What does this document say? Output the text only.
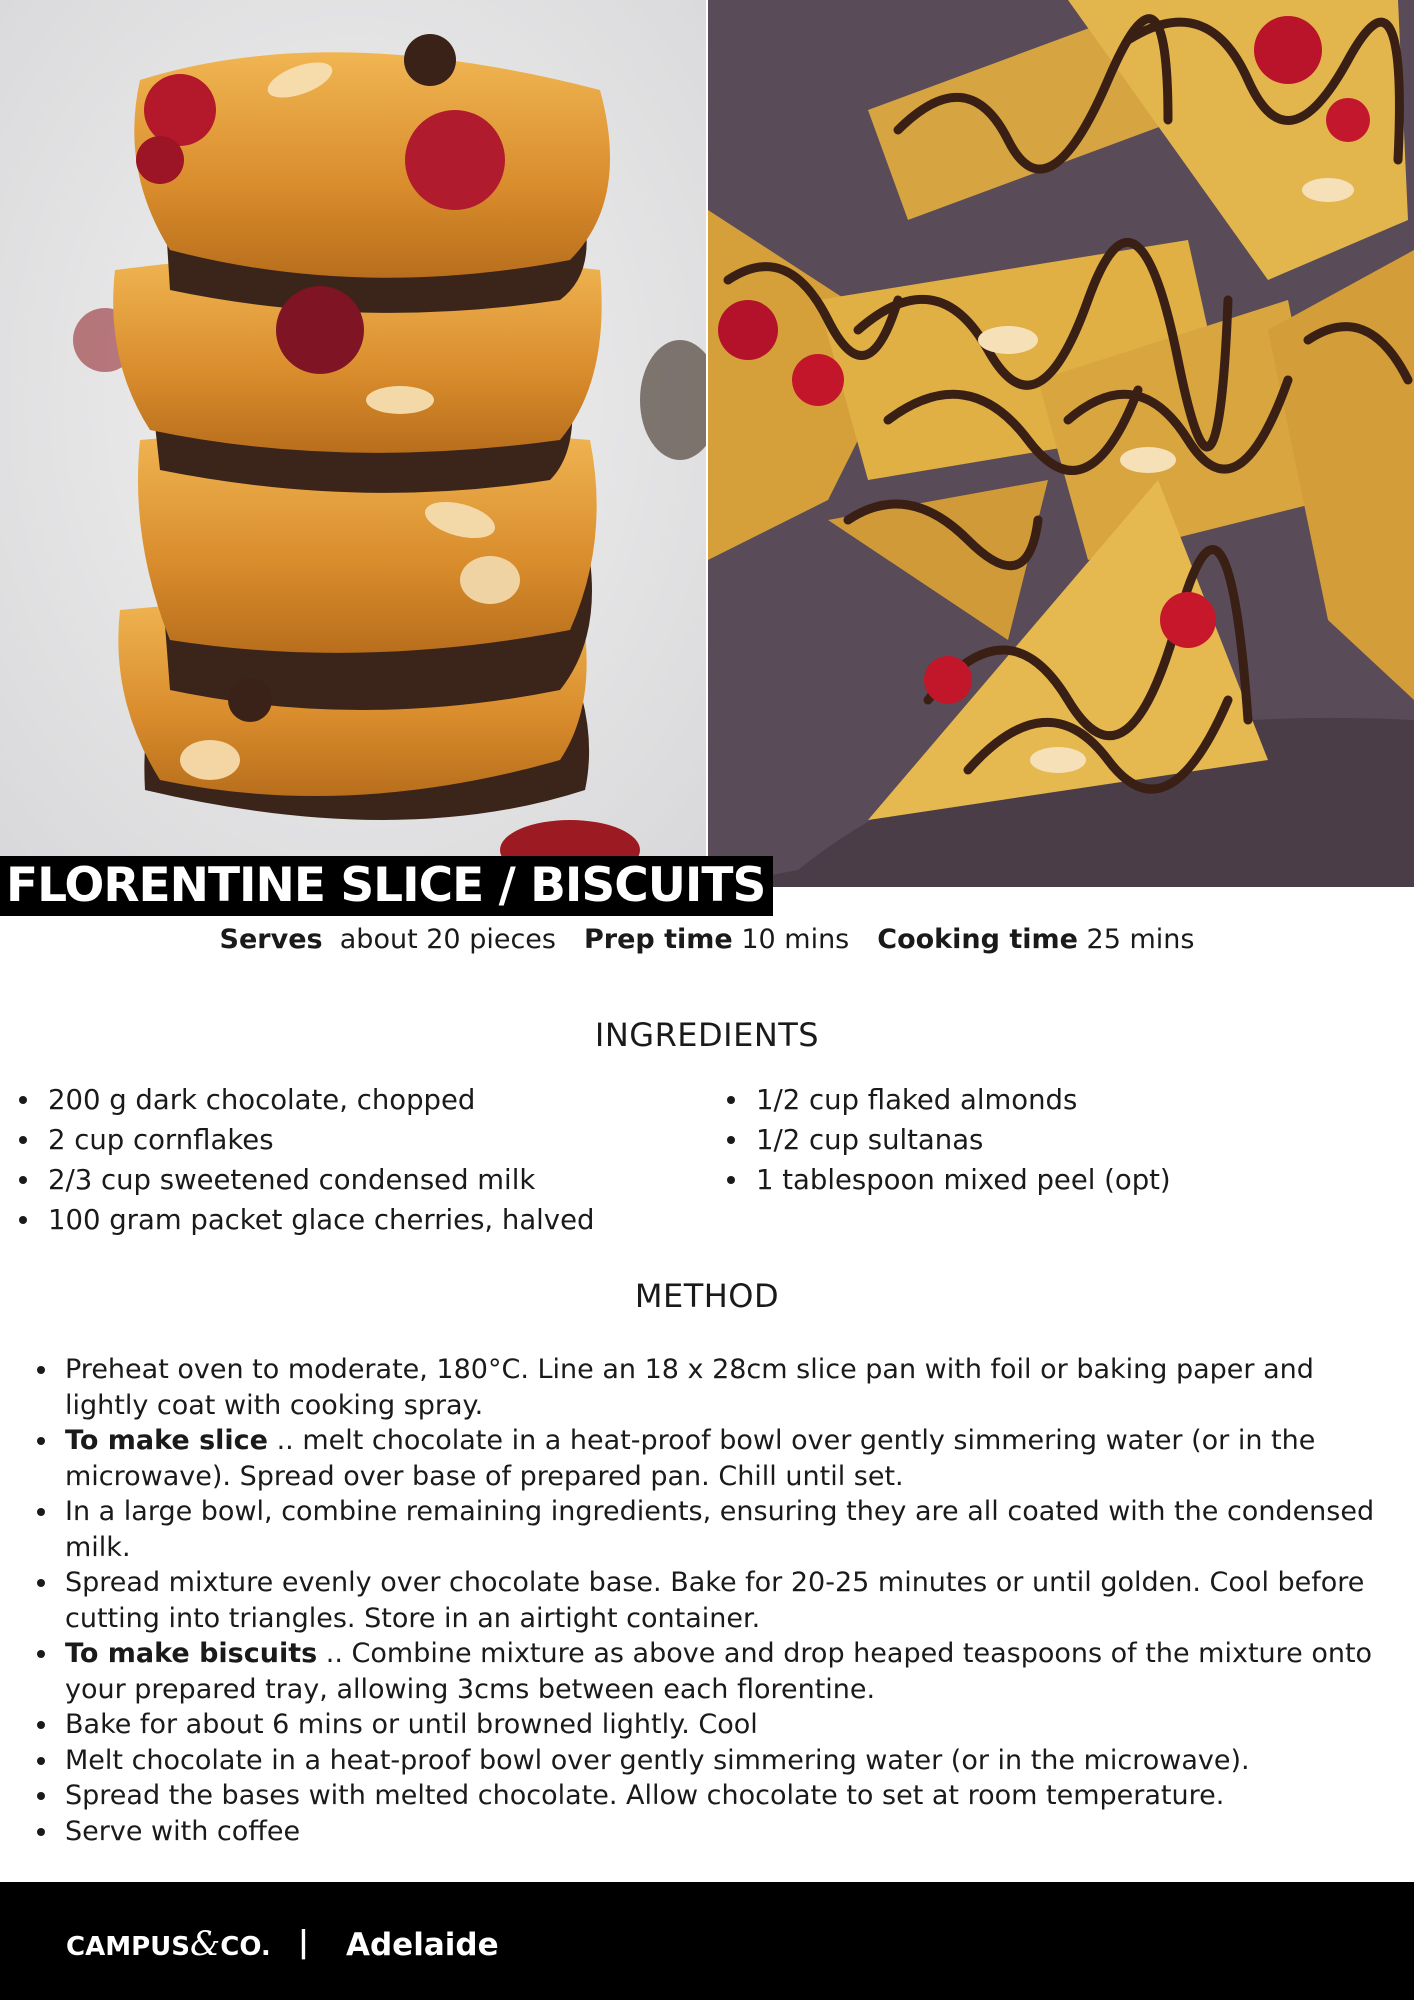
FLORENTINE SLICE / BISCUITS
Serves about 20 pieces Prep time 10 mins Cooking time 25 mins
INGREDIENTS
200 g dark chocolate, chopped
2 cup cornflakes
2/3 cup sweetened condensed milk
100 gram packet glace cherries, halved
1/2 cup flaked almonds
1/2 cup sultanas
1 tablespoon mixed peel (opt)
METHOD
Preheat oven to moderate, 180°C. Line an 18 x 28cm slice pan with foil or baking paper and lightly coat with cooking spray.
To make slice .. melt chocolate in a heat-proof bowl over gently simmering water (or in the microwave). Spread over base of prepared pan. Chill until set.
In a large bowl, combine remaining ingredients, ensuring they are all coated with the condensed milk.
Spread mixture evenly over chocolate base. Bake for 20-25 minutes or until golden. Cool before cutting into triangles. Store in an airtight container.
To make biscuits .. Combine mixture as above and drop heaped teaspoons of the mixture onto your prepared tray, allowing 3cms between each florentine.
Bake for about 6 mins or until browned lightly. Cool
Melt chocolate in a heat-proof bowl over gently simmering water (or in the microwave).
Spread the bases with melted chocolate. Allow chocolate to set at room temperature.
Serve with coffee
CAMPUS&CO. | Adelaide
